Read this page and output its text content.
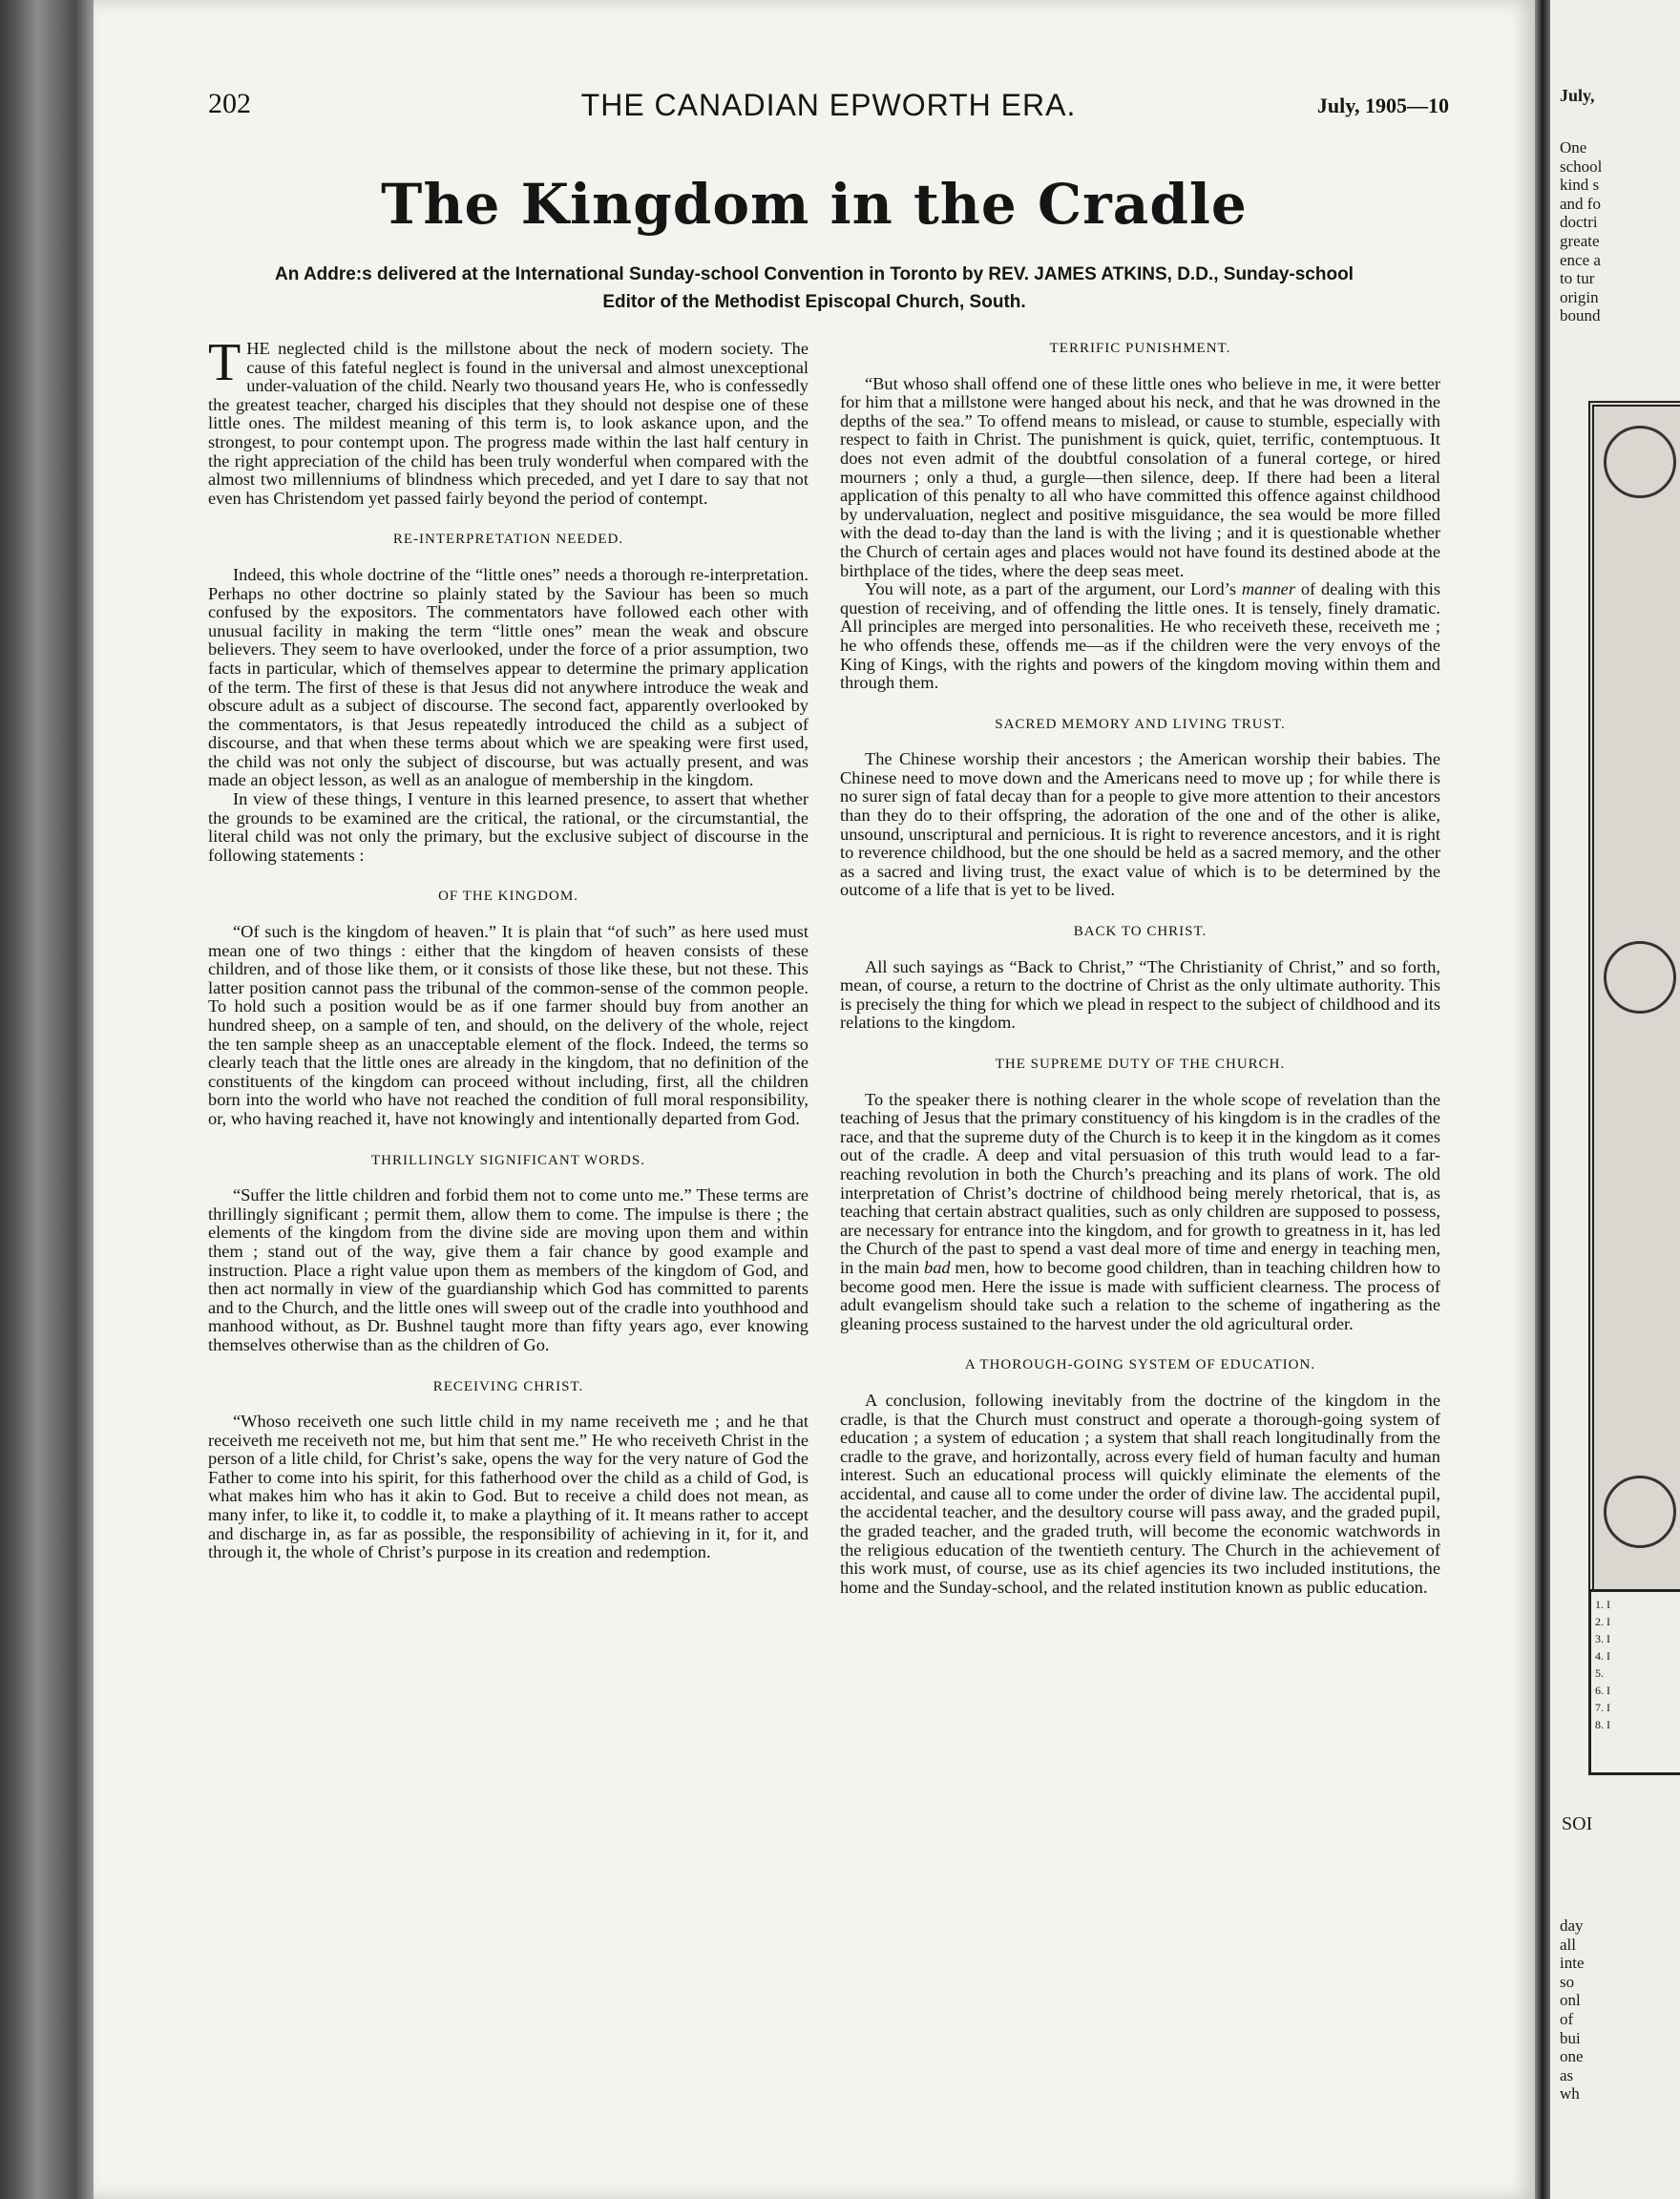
202	THE CANADIAN EPWORTH ERA.	July, 1905—10
The Kingdom in the Cradle

An Addre:s delivered at the International Sunday-school Convention in Toronto by REV. JAMES ATKINS, D.D., Sunday-school Editor of the Methodist Episcopal Church, South.

THE neglected child is the millstone about the neck of modern society. The cause of this fateful neglect is found in the universal and almost unexceptional under-valuation of the child. Nearly two thousand years He, who is confessedly the greatest teacher, charged his disciples that they should not despise one of these little ones. The mildest meaning of this term is, to look askance upon, and the strongest, to pour contempt upon. The progress made within the last half century in the right appreciation of the child has been truly wonderful when compared with the almost two millenniums of blindness which preceded, and yet I dare to say that not even has Christendom yet passed fairly beyond the period of contempt.

RE-INTERPRETATION NEEDED.

Indeed, this whole doctrine of the “little ones” needs a thorough re-interpretation. Perhaps no other doctrine so plainly stated by the Saviour has been so much confused by the expositors. The commentators have followed each other with unusual facility in making the term “little ones” mean the weak and obscure believers. They seem to have overlooked, under the force of a prior assumption, two facts in particular, which of themselves appear to determine the primary application of the term. The first of these is that Jesus did not anywhere introduce the weak and obscure adult as a subject of discourse. The second fact, apparently overlooked by the commentators, is that Jesus repeatedly introduced the child as a subject of discourse, and that when these terms about which we are speaking were first used, the child was not only the subject of discourse, but was actually present, and was made an object lesson, as well as an analogue of membership in the kingdom.

In view of these things, I venture in this learned presence, to assert that whether the grounds to be examined are the critical, the rational, or the circumstantial, the literal child was not only the primary, but the exclusive subject of discourse in the following statements :

OF THE KINGDOM.

“Of such is the kingdom of heaven.” It is plain that “of such” as here used must mean one of two things : either that the kingdom of heaven consists of these children, and of those like them, or it consists of those like these, but not these. This latter position cannot pass the tribunal of the common-sense of the common people. To hold such a position would be as if one farmer should buy from another an hundred sheep, on a sample of ten, and should, on the delivery of the whole, reject the ten sample sheep as an unacceptable element of the flock. Indeed, the terms so clearly teach that the little ones are already in the kingdom, that no definition of the constituents of the kingdom can proceed without including, first, all the children born into the world who have not reached the condition of full moral responsibility, or, who having reached it, have not knowingly and intentionally departed from God.

THRILLINGLY SIGNIFICANT WORDS.

“Suffer the little children and forbid them not to come unto me.” These terms are thrillingly significant ; permit them, allow them to come. The impulse is there ; the elements of the kingdom from the divine side are moving upon them and within them ; stand out of the way, give them a fair chance by good example and instruction. Place a right value upon them as members of the kingdom of God, and then act normally in view of the guardianship which God has committed to parents and to the Church, and the little ones will sweep out of the cradle into youthhood and manhood without, as Dr. Bushnel taught more than fifty years ago, ever knowing themselves otherwise than as the children of Go.

RECEIVING CHRIST.

“Whoso receiveth one such little child in my name receiveth me ; and he that receiveth me receiveth not me, but him that sent me.” He who receiveth Christ in the person of a litle child, for Christ’s sake, opens the way for the very nature of God the Father to come into his spirit, for this fatherhood over the child as a child of God, is what makes him who has it akin to God. But to receive a child does not mean, as many infer, to like it, to coddle it, to make a plaything of it. It means rather to accept and discharge in, as far as possible, the responsibility of achieving in it, for it, and through it, the whole of Christ’s purpose in its creation and redemption.

TERRIFIC PUNISHMENT.

“But whoso shall offend one of these little ones who believe in me, it were better for him that a millstone were hanged about his neck, and that he was drowned in the depths of the sea.” To offend means to mislead, or cause to stumble, especially with respect to faith in Christ. The punishment is quick, quiet, terrific, contemptuous. It does not even admit of the doubtful consolation of a funeral cortege, or hired mourners ; only a thud, a gurgle—then silence, deep. If there had been a literal application of this penalty to all who have committed this offence against childhood by undervaluation, neglect and positive misguidance, the sea would be more filled with the dead to-day than the land is with the living ; and it is questionable whether the Church of certain ages and places would not have found its destined abode at the birthplace of the tides, where the deep seas meet.

You will note, as a part of the argument, our Lord’s manner of dealing with this question of receiving, and of offending the little ones. It is tensely, finely dramatic. All principles are merged into personalities. He who receiveth these, receiveth me ; he who offends these, offends me—as if the children were the very envoys of the King of Kings, with the rights and powers of the kingdom moving within them and through them.

SACRED MEMORY AND LIVING TRUST.

The Chinese worship their ancestors ; the American worship their babies. The Chinese need to move down and the Americans need to move up ; for while there is no surer sign of fatal decay than for a people to give more attention to their ancestors than they do to their offspring, the adoration of the one and of the other is alike, unsound, unscriptural and pernicious. It is right to reverence ancestors, and it is right to reverence childhood, but the one should be held as a sacred memory, and the other as a sacred and living trust, the exact value of which is to be determined by the outcome of a life that is yet to be lived.

BACK TO CHRIST.

All such sayings as “Back to Christ,” “The Christianity of Christ,” and so forth, mean, of course, a return to the doctrine of Christ as the only ultimate authority. This is precisely the thing for which we plead in respect to the subject of childhood and its relations to the kingdom.

THE SUPREME DUTY OF THE CHURCH.

To the speaker there is nothing clearer in the whole scope of revelation than the teaching of Jesus that the primary constituency of his kingdom is in the cradles of the race, and that the supreme duty of the Church is to keep it in the kingdom as it comes out of the cradle. A deep and vital persuasion of this truth would lead to a far-reaching revolution in both the Church’s preaching and its plans of work. The old interpretation of Christ’s doctrine of childhood being merely rhetorical, that is, as teaching that certain abstract qualities, such as only children are supposed to possess, are necessary for entrance into the kingdom, and for growth to greatness in it, has led the Church of the past to spend a vast deal more of time and energy in teaching men, in the main bad men, how to become good children, than in teaching children how to become good men. Here the issue is made with sufficient clearness. The process of adult evangelism should take such a relation to the scheme of ingathering as the gleaning process sustained to the harvest under the old agricultural order.

A THOROUGH-GOING SYSTEM OF EDUCATION.

A conclusion, following inevitably from the doctrine of the kingdom in the cradle, is that the Church must construct and operate a thorough-going system of education ; a system of education ; a system that shall reach longitudinally from the cradle to the grave, and horizontally, across every field of human faculty and human interest. Such an educational process will quickly eliminate the elements of the accidental, and cause all to come under the order of divine law. The accidental pupil, the accidental teacher, and the desultory course will pass away, and the graded pupil, the graded teacher, and the graded truth, will become the economic watchwords in the religious education of the twentieth century. The Church in the achievement of this work must, of course, use as its chief agencies its two included institutions, the home and the Sunday-school, and the related institution known as public education.

July,
One
school
kind s
and fo
doctri
greate
ence a
to tur
origin
bound
1. I
2. I
3. I
4. I
5.
6. I
7. I
8. I
SOI
day
all
inte
so
onl
of
bui
one
as
wh
